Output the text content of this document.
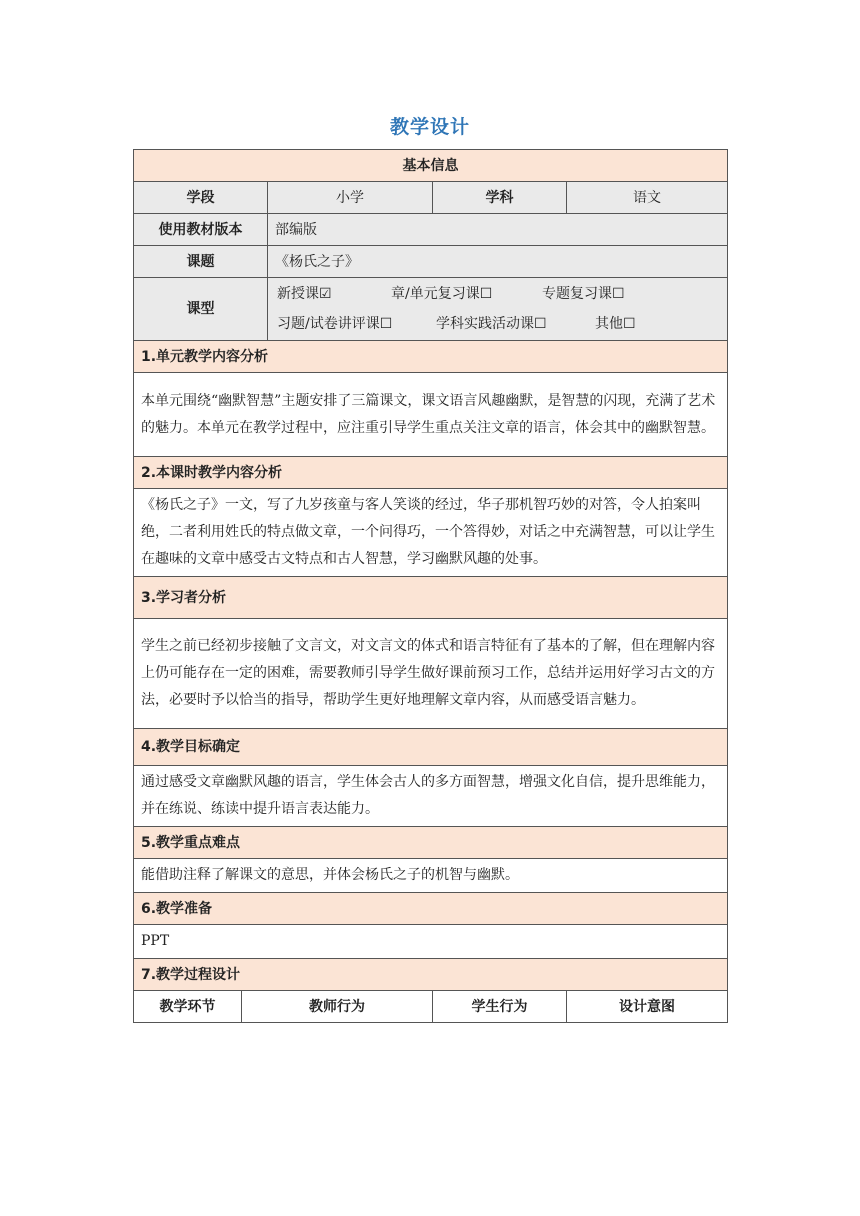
教学设计
基本信息				
学段		小学	学科	语文
使用教材版本		部编版		
课题		《杨氏之子》		
课型		新授课☑ 章/单元复习课☐ 专题复习课☐
习题/试卷讲评课☐ 学科实践活动课☐ 其他☐		

1.单元教学内容分析				
本单元围绕“幽默智慧”主题安排了三篇课文，课文语言风趣幽默，是智慧的闪现，充满了艺术的魅力。本单元在教学过程中，应注重引导学生重点关注文章的语言，体会其中的幽默智慧。				
2.本课时教学内容分析				
《杨氏之子》一文，写了九岁孩童与客人笑谈的经过，华子那机智巧妙的对答，令人拍案叫绝，二者利用姓氏的特点做文章，一个问得巧，一个答得妙，对话之中充满智慧，可以让学生在趣味的文章中感受古文特点和古人智慧，学习幽默风趣的处事。				
3.学习者分析				
学生之前已经初步接触了文言文，对文言文的体式和语言特征有了基本的了解，但在理解内容上仍可能存在一定的困难，需要教师引导学生做好课前预习工作，总结并运用好学习古文的方法，必要时予以恰当的指导，帮助学生更好地理解文章内容，从而感受语言魅力。				
4.教学目标确定				
通过感受文章幽默风趣的语言，学生体会古人的多方面智慧，增强文化自信，提升思维能力，并在练说、练读中提升语言表达能力。				
5.教学重点难点				
能借助注释了解课文的意思，并体会杨氏之子的机智与幽默。				
6.教学准备				
PPT				
7.教学过程设计				
教学环节	教师行为		学生行为	设计意图
